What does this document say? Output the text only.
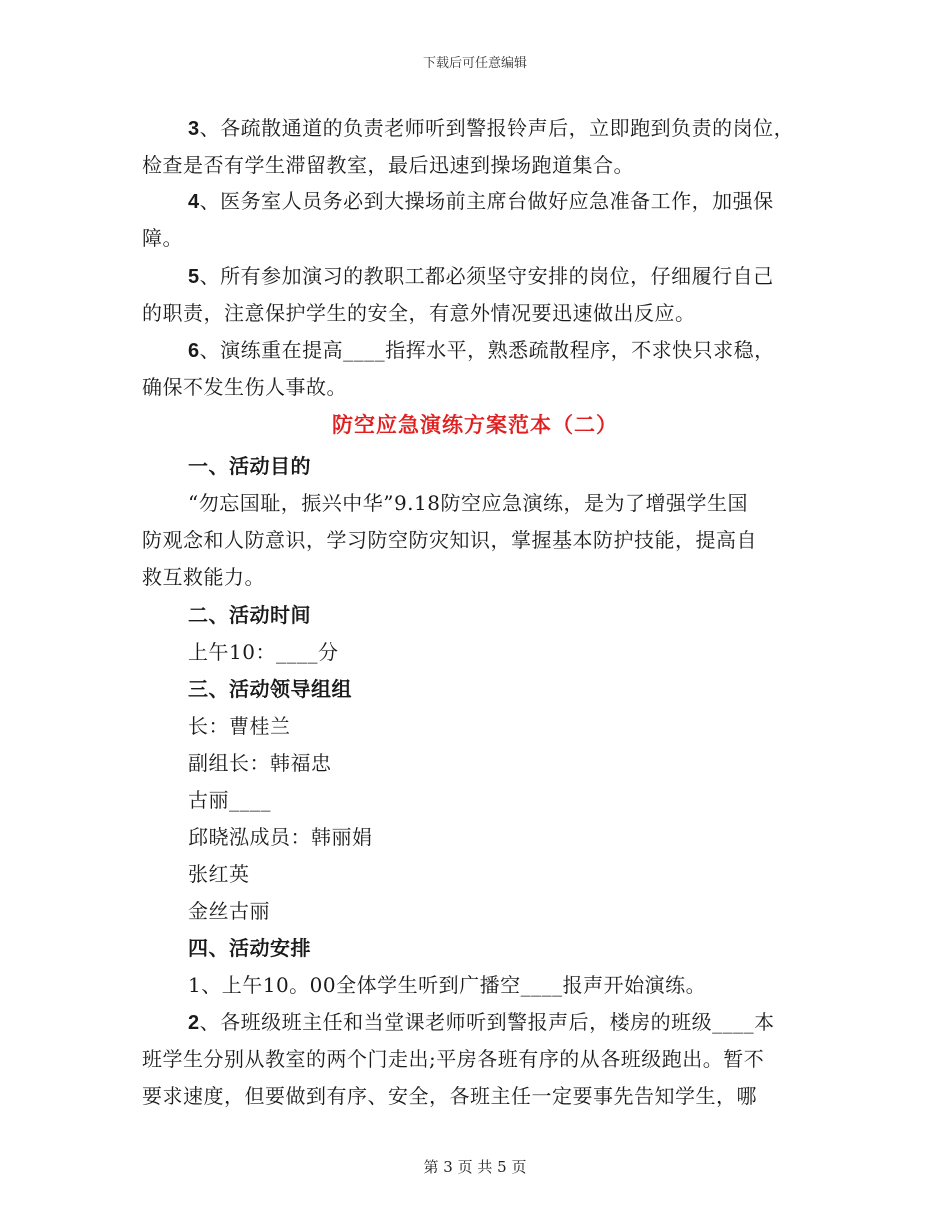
下载后可任意编辑
3、各疏散通道的负责老师听到警报铃声后，立即跑到负责的岗位，
检查是否有学生滞留教室，最后迅速到操场跑道集合。
4、医务室人员务必到大操场前主席台做好应急准备工作，加强保
障。
5、所有参加演习的教职工都必须坚守安排的岗位，仔细履行自己
的职责，注意保护学生的安全，有意外情况要迅速做出反应。
6、演练重在提高____指挥水平，熟悉疏散程序，不求快只求稳，
确保不发生伤人事故。
防空应急演练方案范本（二）
一、活动目的
“勿忘国耻，振兴中华”9.18防空应急演练，是为了增强学生国
防观念和人防意识，学习防空防灾知识，掌握基本防护技能，提高自
救互救能力。
二、活动时间
上午10：____分
三、活动领导组组
长：曹桂兰
副组长：韩福忠
古丽____
邱晓泓成员：韩丽娟
张红英
金丝古丽
四、活动安排
1、上午10。00全体学生听到广播空____报声开始演练。
2、各班级班主任和当堂课老师听到警报声后，楼房的班级____本
班学生分别从教室的两个门走出;平房各班有序的从各班级跑出。暂不
要求速度，但要做到有序、安全，各班主任一定要事先告知学生，哪
第 3 页 共 5 页
